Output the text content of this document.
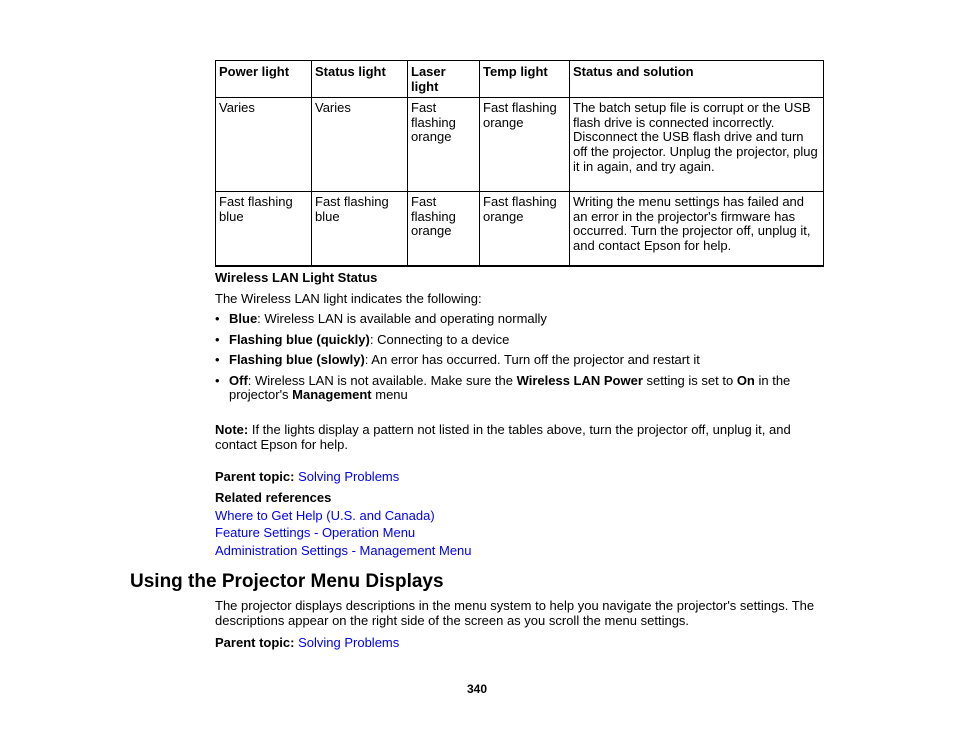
Power light	Status light	Laser light	Temp light	Status and solution
Varies	Varies	Fast flashing orange	Fast flashing orange	The batch setup file is corrupt or the USB flash drive is connected incorrectly. Disconnect the USB flash drive and turn off the projector. Unplug the projector, plug it in again, and try again.
Fast flashing blue	Fast flashing blue	Fast flashing orange	Fast flashing orange	Writing the menu settings has failed and an error in the projector's firmware has occurred. Turn the projector off, unplug it, and contact Epson for help.

Wireless LAN Light Status

The Wireless LAN light indicates the following:

• Blue: Wireless LAN is available and operating normally
• Flashing blue (quickly): Connecting to a device
• Flashing blue (slowly): An error has occurred. Turn off the projector and restart it
• Off: Wireless LAN is not available. Make sure the Wireless LAN Power setting is set to On in the projector's Management menu

Note: If the lights display a pattern not listed in the tables above, turn the projector off, unplug it, and contact Epson for help.

Parent topic: Solving Problems

Related references

Where to Get Help (U.S. and Canada)
Feature Settings - Operation Menu
Administration Settings - Management Menu
Using the Projector Menu Displays

The projector displays descriptions in the menu system to help you navigate the projector's settings. The descriptions appear on the right side of the screen as you scroll the menu settings.

Parent topic: Solving Problems

340
